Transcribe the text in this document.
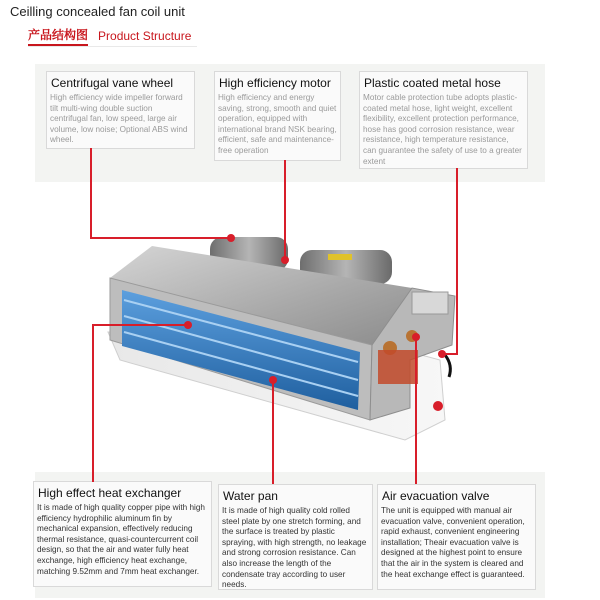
Ceilling concealed fan coil unit
产品结构图 Product Structure
Centrifugal vane wheel
High efficiency wide impeller forward tilt multi-wing double suction centrifugal fan, low speed, large air volume, low noise; Optional ABS wind wheel.
High efficiency motor
High efficiency and energy saving, strong, smooth and quiet operation, equipped with international brand NSK bearing, efficient, safe and maintenance-free operation
Plastic coated metal hose
Motor cable protection tube adopts plastic-coated metal hose, light weight, excellent flexibility, excellent protection performance, hose has good corrosion resistance, wear resistance, high temperature resistance, can guarantee the safety of use to a greater extent
High effect heat exchanger
It is made of high quality copper pipe with high efficiency hydrophilic aluminum fin by mechanical expansion, effectively reducing thermal resistance, quasi-countercurrent coil design, so that the air and water fully heat exchange, high efficiency heat exchange, matching 9.52mm and 7mm heat exchanger.
Water pan
It is made of high quality cold rolled steel plate by one stretch forming, and the surface is treated by plastic spraying, with high strength, no leakage and strong corrosion resistance. Can also increase the length of the condensate tray according to user needs.
Air evacuation valve
The unit is equipped with manual air evacuation valve, convenient operation, rapid exhaust, convenient engineering installation; Theair evacuation valve is designed at the highest point to ensure that the air in the system is cleared and the heat exchange effect is guaranteed.
